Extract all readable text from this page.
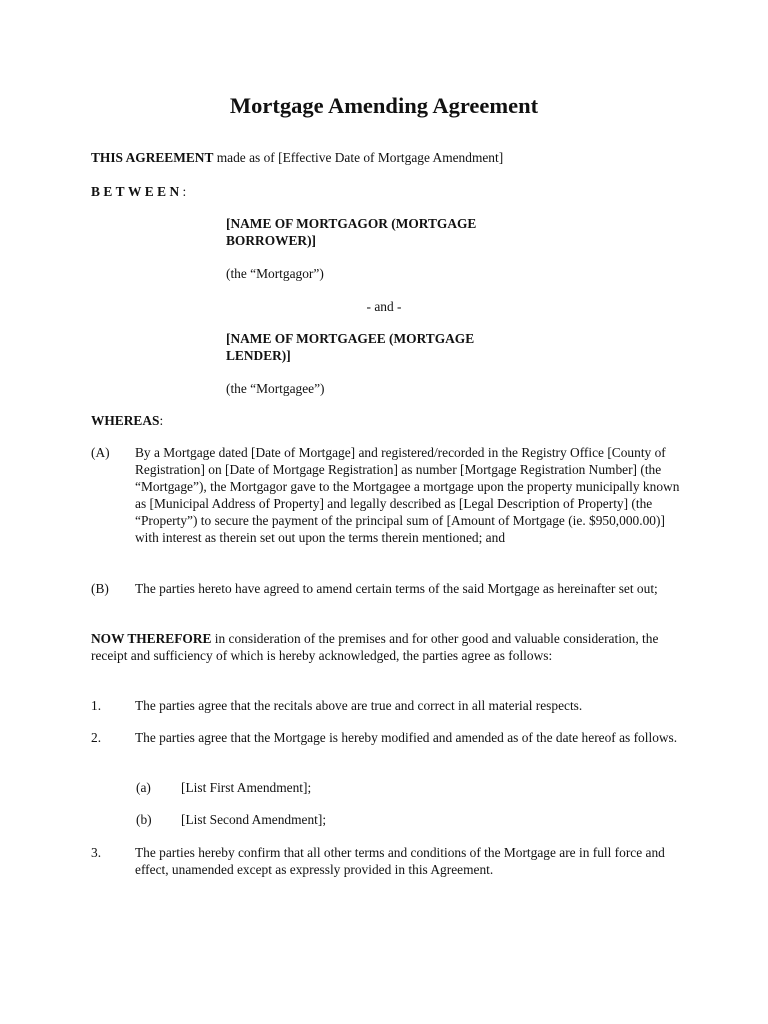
Mortgage Amending Agreement
THIS AGREEMENT made as of [Effective Date of Mortgage Amendment]
BETWEEN:
[NAME OF MORTGAGOR (MORTGAGE BORROWER)]
(the “Mortgagor”)
- and -
[NAME OF MORTGAGEE (MORTGAGE LENDER)]
(the “Mortgagee”)
WHEREAS:
(A) By a Mortgage dated [Date of Mortgage] and registered/recorded in the Registry Office [County of Registration] on [Date of Mortgage Registration] as number [Mortgage Registration Number] (the “Mortgage”), the Mortgagor gave to the Mortgagee a mortgage upon the property municipally known as [Municipal Address of Property] and legally described as [Legal Description of Property] (the “Property”) to secure the payment of the principal sum of [Amount of Mortgage (ie. $950,000.00)] with interest as therein set out upon the terms therein mentioned; and
(B) The parties hereto have agreed to amend certain terms of the said Mortgage as hereinafter set out;
NOW THEREFORE in consideration of the premises and for other good and valuable consideration, the receipt and sufficiency of which is hereby acknowledged, the parties agree as follows:
1.	The parties agree that the recitals above are true and correct in all material respects.
2.	The parties agree that the Mortgage is hereby modified and amended as of the date hereof as follows.
(a) [List First Amendment];
(b) [List Second Amendment];
3.	The parties hereby confirm that all other terms and conditions of the Mortgage are in full force and effect, unamended except as expressly provided in this Agreement.
